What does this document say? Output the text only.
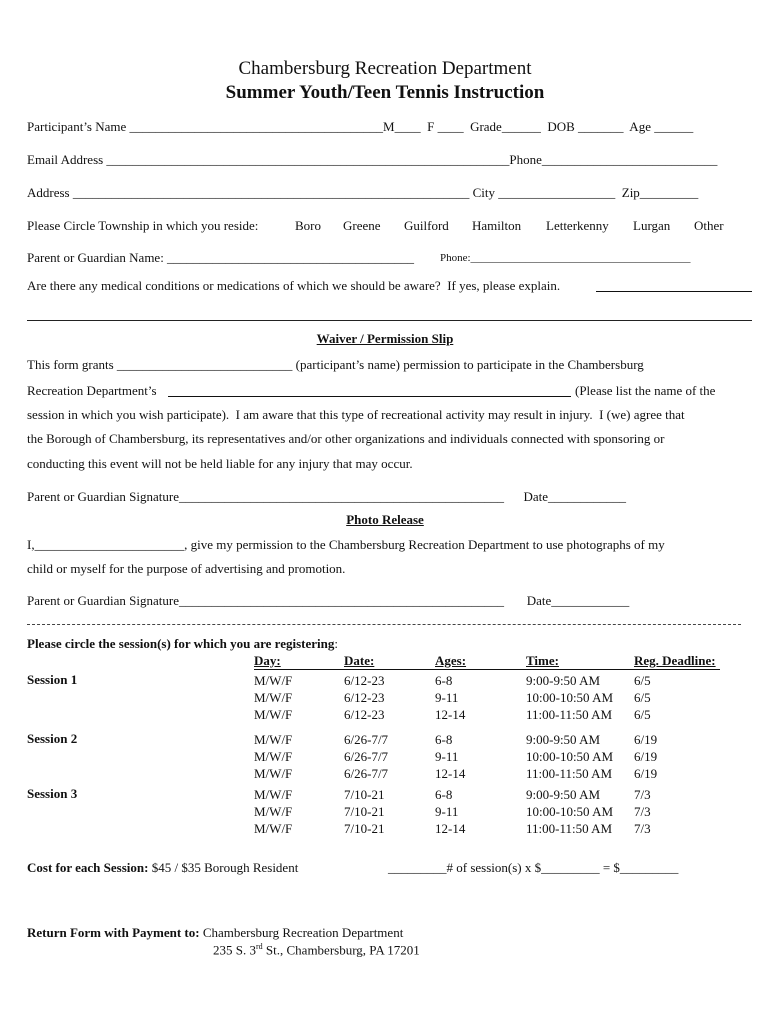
Chambersburg Recreation Department
Summer Youth/Teen Tennis Instruction
Participant’s Name _______________________________________M____  F ____  Grade______  DOB _______  Age ______
Email Address ______________________________________________________________Phone___________________________
Address _____________________________________________________________ City __________________  Zip_________
Please Circle Township in which you reside:	Boro Greene Guilford Hamilton Letterkenny Lurgan Other
Parent or Guardian Name: ______________________________________ Phone:________________________________________
Are there any medical conditions or medications of which we should be aware?  If yes, please explain.
Waiver / Permission Slip
This form grants ___________________________ (participant’s name) permission to participate in the Chambersburg
Recreation Department’s	(Please list the name of the
session in which you wish participate).  I am aware that this type of recreational activity may result in injury.  I (we) agree that
the Borough of Chambersburg, its representatives and/or other organizations and individuals connected with sponsoring or
conducting this event will not be held liable for any injury that may occur.
Parent or Guardian Signature__________________________________________________      Date____________
Photo Release
I,_______________________, give my permission to the Chambersburg Recreation Department to use photographs of my
child or myself for the purpose of advertising and promotion.
Parent or Guardian Signature__________________________________________________       Date____________
Please circle the session(s) for which you are registering:
Day:	Date:	Ages:	Time:	Reg. Deadline:
Session 1	M/W/F	6/12-23	6-8	9:00-9:50 AM	6/5
M/W/F	6/12-23	9-11	10:00-10:50 AM 6/5
M/W/F	6/12-23	12-14	11:00-11:50 AM 6/5
Session 2	M/W/F	6/26-7/7	6-8	9:00-9:50 AM	6/19
M/W/F	6/26-7/7	9-11	10:00-10:50 AM 6/19
M/W/F	6/26-7/7	12-14	11:00-11:50 AM 6/19
Session 3	M/W/F	7/10-21	6-8	9:00-9:50 AM	7/3
M/W/F	7/10-21	9-11	10:00-10:50 AM 7/3
M/W/F	7/10-21	12-14	11:00-11:50 AM 7/3
Cost for each Session: $45 / $35 Borough Resident	_________# of session(s) x $_________ = $_________
Return Form with Payment to: Chambersburg Recreation Department
235 S. 3rd St., Chambersburg, PA 17201
